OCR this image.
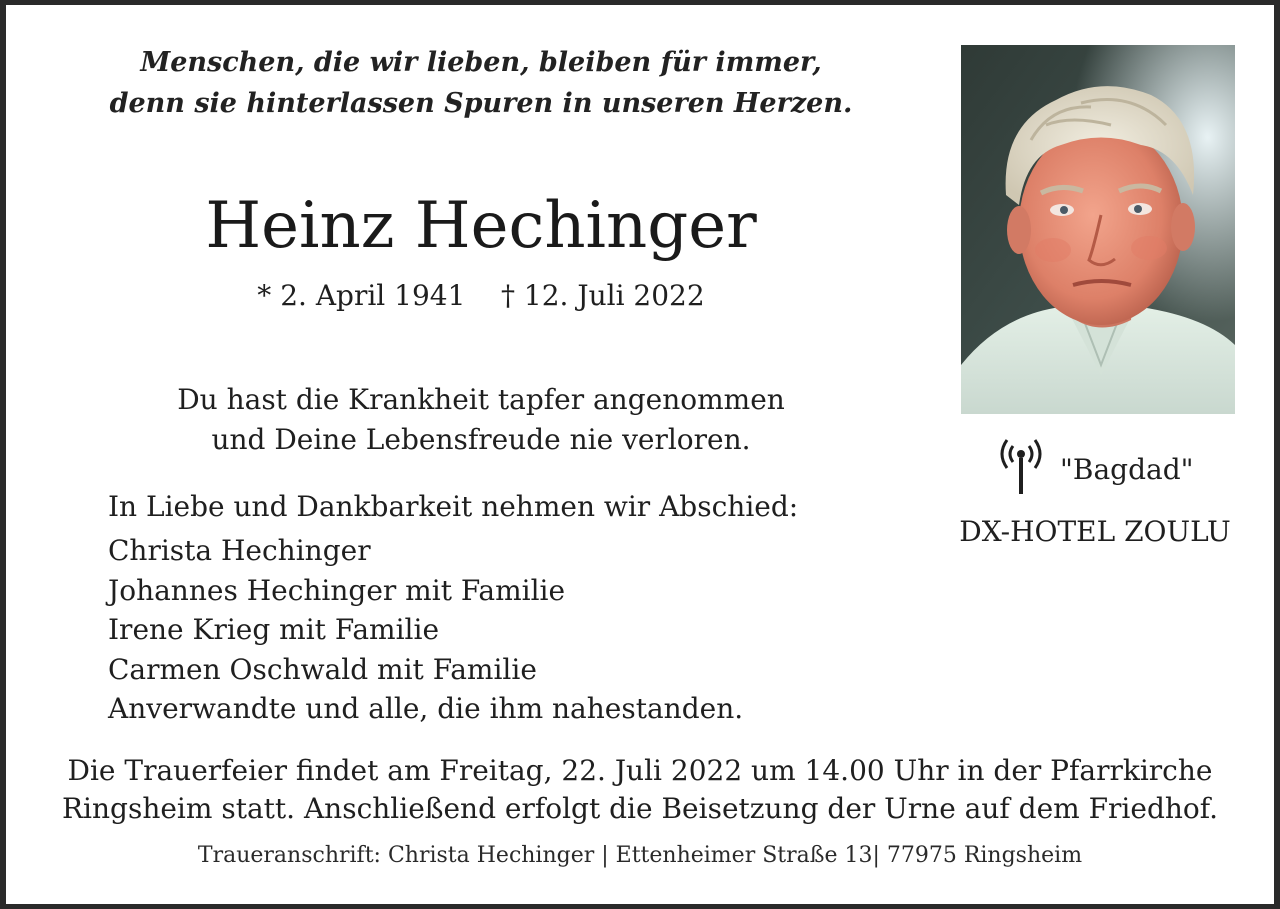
Menschen, die wir lieben, bleiben für immer,
denn sie hinterlassen Spuren in unseren Herzen.
Heinz Hechinger
* 2. April 1941 † 12. Juli 2022
Du hast die Krankheit tapfer angenommen
und Deine Lebensfreude nie verloren.
In Liebe und Dankbarkeit nehmen wir Abschied:
Christa Hechinger
Johannes Hechinger mit Familie
Irene Krieg mit Familie
Carmen Oschwald mit Familie
Anverwandte und alle, die ihm nahestanden.
Die Trauerfeier findet am Freitag, 22. Juli 2022 um 14.00 Uhr in der Pfarrkirche
Ringsheim statt. Anschließend erfolgt die Beisetzung der Urne auf dem Friedhof.
Traueranschrift: Christa Hechinger | Ettenheimer Straße 13| 77975 Ringsheim
"Bagdad"
DX-HOTEL ZOULU
